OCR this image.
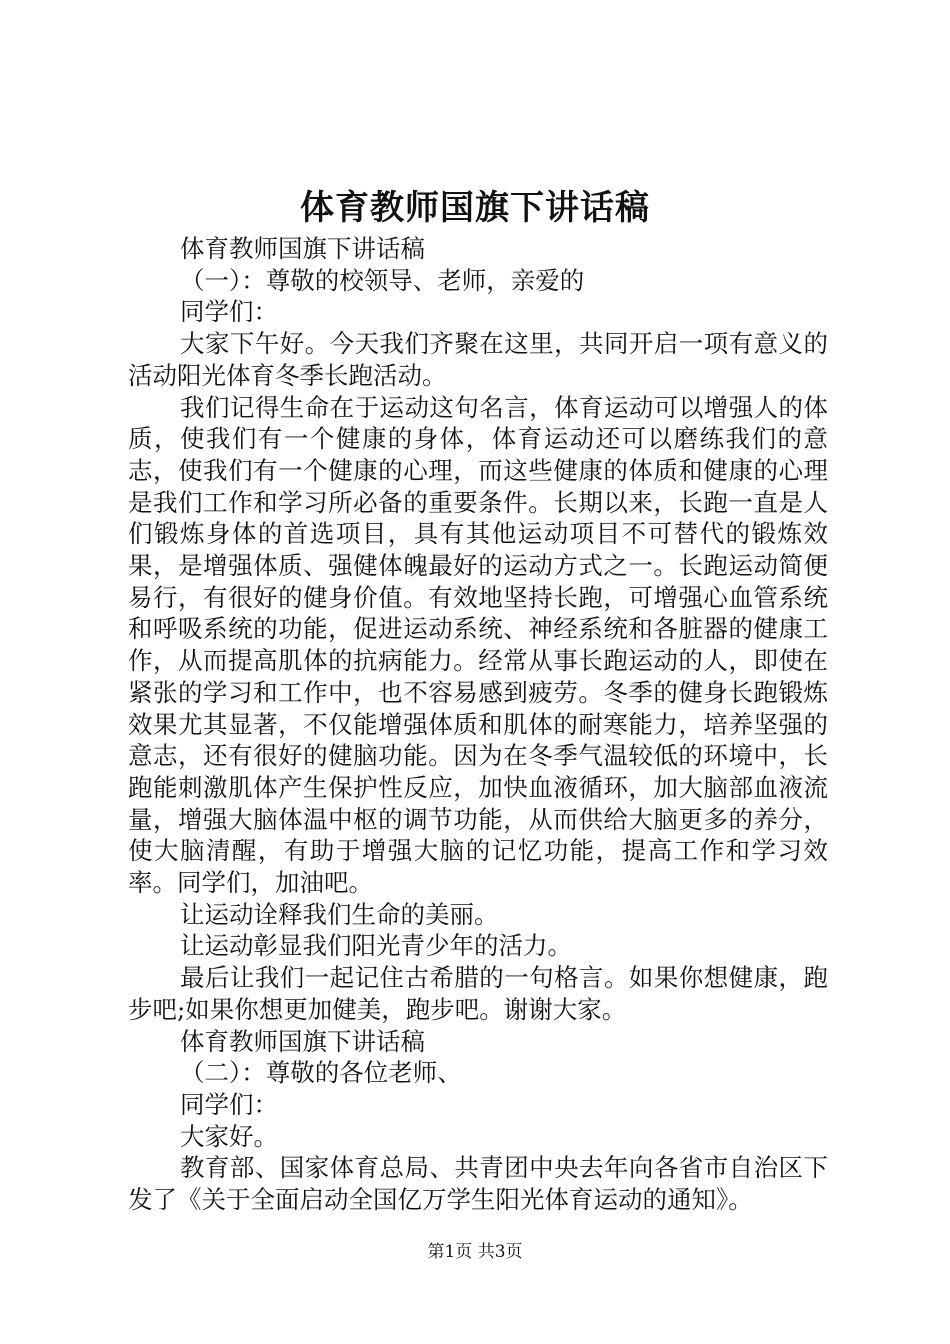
体育教师国旗下讲话稿

体育教师国旗下讲话稿

（一）：尊敬的校领导、老师，亲爱的

同学们：

大家下午好。今天我们齐聚在这里，共同开启一项有意义的活动阳光体育冬季长跑活动。

我们记得生命在于运动这句名言，体育运动可以增强人的体质，使我们有一个健康的身体，体育运动还可以磨练我们的意志，使我们有一个健康的心理，而这些健康的体质和健康的心理是我们工作和学习所必备的重要条件。长期以来，长跑一直是人们锻炼身体的首选项目，具有其他运动项目不可替代的锻炼效果，是增强体质、强健体魄最好的运动方式之一。长跑运动简便易行，有很好的健身价值。有效地坚持长跑，可增强心血管系统和呼吸系统的功能，促进运动系统、神经系统和各脏器的健康工作，从而提高肌体的抗病能力。经常从事长跑运动的人，即使在紧张的学习和工作中，也不容易感到疲劳。冬季的健身长跑锻炼效果尤其显著，不仅能增强体质和肌体的耐寒能力，培养坚强的意志，还有很好的健脑功能。因为在冬季气温较低的环境中，长跑能刺激肌体产生保护性反应，加快血液循环，加大脑部血液流量，增强大脑体温中枢的调节功能，从而供给大脑更多的养分，使大脑清醒，有助于增强大脑的记忆功能，提高工作和学习效率。同学们，加油吧。

让运动诠释我们生命的美丽。

让运动彰显我们阳光青少年的活力。

最后让我们一起记住古希腊的一句格言。如果你想健康，跑步吧;如果你想更加健美，跑步吧。谢谢大家。

体育教师国旗下讲话稿

（二）：尊敬的各位老师、

同学们：

大家好。

教育部、国家体育总局、共青团中央去年向各省市自治区下发了《关于全面启动全国亿万学生阳光体育运动的通知》。

第1页 共3页
